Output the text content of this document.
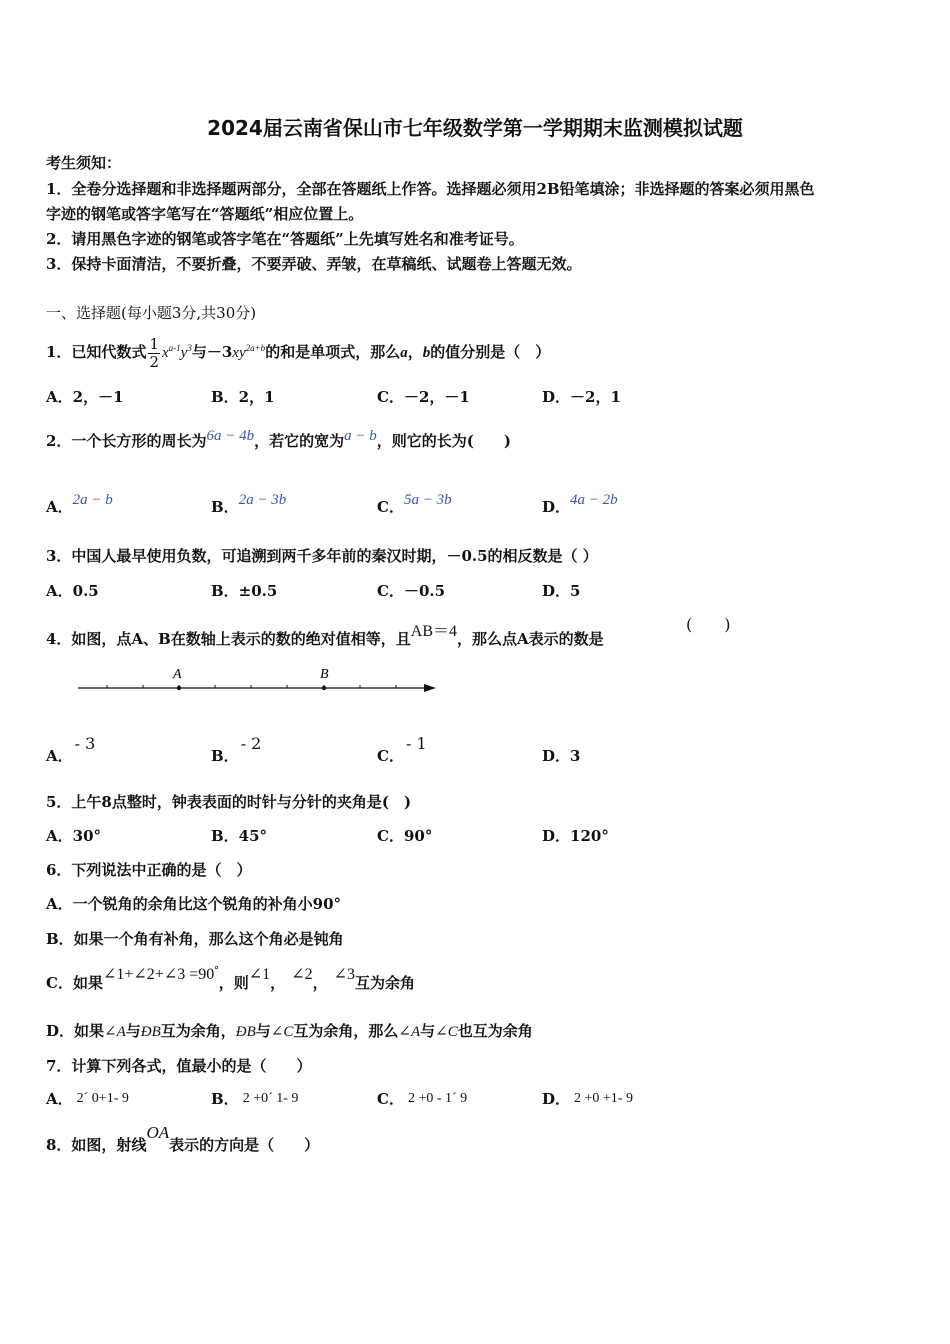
2024届云南省保山市七年级数学第一学期期末监测模拟试题
考生须知：
1．全卷分选择题和非选择题两部分，全部在答题纸上作答。选择题必须用2B铅笔填涂；非选择题的答案必须用黑色
字迹的钢笔或答字笔写在“答题纸”相应位置上。
2．请用黑色字迹的钢笔或答字笔在“答题纸”上先填写姓名和准考证号。
3．保持卡面清洁，不要折叠，不要弄破、弄皱，在草稿纸、试题卷上答题无效。
一、选择题(每小题3分,共30分)
1．已知代数式 $\frac{1}{2} x^{a-1}y^3$与$-3xy^{2a+b}$的和是单项式，那么a，b的值分别是（　）
A．2，－1	B．2，1	C．－2，－1	D．－2，1
2．一个长方形的周长为6a − 4b，若它的宽为a − b，则它的长为(　　)
A．2a − b	B．2a − 3b	C．5a − 3b	D．4a − 2b
3．中国人最早使用负数，可追溯到两千多年前的秦汉时期，－0.5的相反数是（ ）
A．0.5	B．±0.5	C．－0.5	D．5
4．如图，点A、B在数轴上表示的数的绝对值相等，且AB＝4，那么点A表示的数是
(　　)
A	B
A．- 3
B．- 2
C．- 1
D．3
5．上午8点整时，钟表表面的时针与分针的夹角是(　)
A．30°	B．45°	C．90°	D．120°
6．下列说法中正确的是（　）
A．一个锐角的余角比这个锐角的补角小90°
B．如果一个角有补角，那么这个角必是钝角
C．如果∠1+∠2+∠3 =90°，则∠1， ∠2， ∠3互为余角
D．如果∠A与ÐB互为余角，ÐB与∠C互为余角，那么∠A与∠C也互为余角
7．计算下列各式，值最小的是（　　）
A． 2´ 0+1- 9	B． 2 +0´ 1- 9	C． 2 +0 - 1´ 9	D． 2 +0 +1- 9
8．如图，射线OA表示的方向是（　　）
